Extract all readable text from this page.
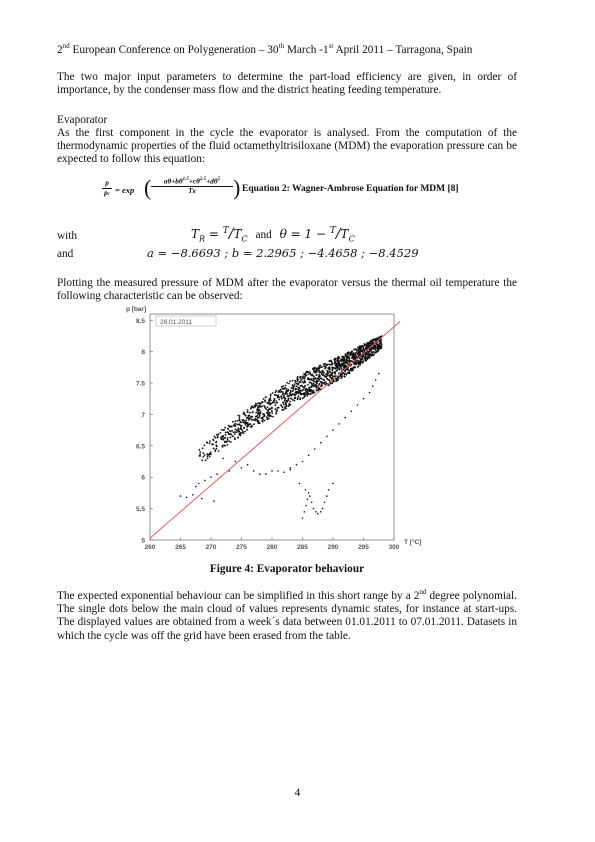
2nd European Conference on Polygeneration – 30th March -1st April 2011 – Tarragona, Spain
The two major input parameters to determine the part-load efficiency are given, in order of importance, by the condenser mass flow and the district heating feeding temperature.
Evaporator
As the first component in the cycle the evaporator is analysed. From the computation of the thermodynamic properties of the fluid octamethyltrisiloxane (MDM) the evaporation pressure can be expected to follow this equation:
$\frac{p}{pc} = \exp$ ( $\frac{a\theta+b\theta^{1.5}+c\theta^{2.5}+d\theta^5}{TR}$ ) Equation 2: Wagner-Ambrose Equation for MDM [8]
with	$T_R = ^T/T_C$ and $\theta = 1 - ^T/T_C$
and	a = −8.6693 ; b = 2.2965 ; −4.4658 ; −8.4529
Plotting the measured pressure of MDM after the evaporator versus the thermal oil temperature the following characteristic can be observed:
28.01.2011
p [bar]
T [°C]
260	265	270	275	280	285	290	295	300
5
5.5
6
6.5
7
7.5
8
8.5
Figure 4: Evaporator behaviour
The expected exponential behaviour can be simplified in this short range by a 2nd degree polynomial. The single dots below the main cloud of values represents dynamic states, for instance at start-ups. The displayed values are obtained from a week´s data between 01.01.2011 to 07.01.2011. Datasets in which the cycle was off the grid have been erased from the table.
4
